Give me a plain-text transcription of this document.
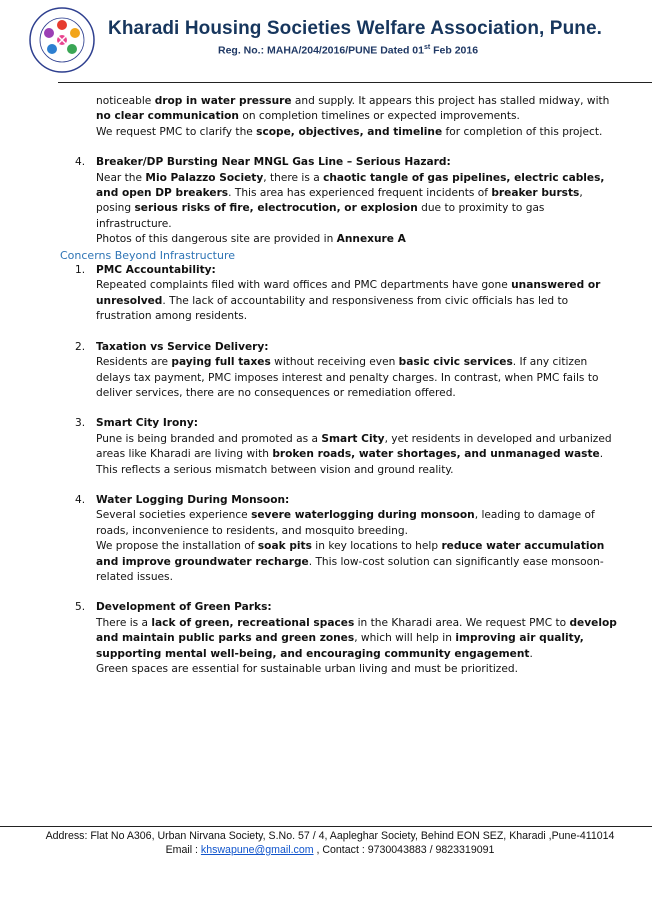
Kharadi Housing Societies Welfare Association, Pune.
Reg. No.: MAHA/204/2016/PUNE Dated 01st Feb 2016

noticeable drop in water pressure and supply. It appears this project has stalled midway, with no clear communication on completion timelines or expected improvements.

We request PMC to clarify the scope, objectives, and timeline for completion of this project.

4. Breaker/DP Bursting Near MNGL Gas Line – Serious Hazard:

Near the Mio Palazzo Society, there is a chaotic tangle of gas pipelines, electric cables, and open DP breakers. This area has experienced frequent incidents of breaker bursts, posing serious risks of fire, electrocution, or explosion due to proximity to gas infrastructure.

Photos of this dangerous site are provided in Annexure A

Concerns Beyond Infrastructure

1. PMC Accountability:

Repeated complaints filed with ward offices and PMC departments have gone unanswered or unresolved. The lack of accountability and responsiveness from civic officials has led to frustration among residents.

2. Taxation vs Service Delivery:

Residents are paying full taxes without receiving even basic civic services. If any citizen delays tax payment, PMC imposes interest and penalty charges. In contrast, when PMC fails to deliver services, there are no consequences or remediation offered.

3. Smart City Irony:

Pune is being branded and promoted as a Smart City, yet residents in developed and urbanized areas like Kharadi are living with broken roads, water shortages, and unmanaged waste. This reflects a serious mismatch between vision and ground reality.

4. Water Logging During Monsoon:

Several societies experience severe waterlogging during monsoon, leading to damage of roads, inconvenience to residents, and mosquito breeding.

We propose the installation of soak pits in key locations to help reduce water accumulation and improve groundwater recharge. This low-cost solution can significantly ease monsoon-related issues.

5. Development of Green Parks:

There is a lack of green, recreational spaces in the Kharadi area. We request PMC to develop and maintain public parks and green zones, which will help in improving air quality, supporting mental well-being, and encouraging community engagement.

Green spaces are essential for sustainable urban living and must be prioritized.

Address: Flat No A306, Urban Nirvana Society, S.No. 57 / 4, Aapleghar Society, Behind EON SEZ, Kharadi ,Pune-411014
Email : khswapune@gmail.com , Contact : 9730043883 / 9823319091
